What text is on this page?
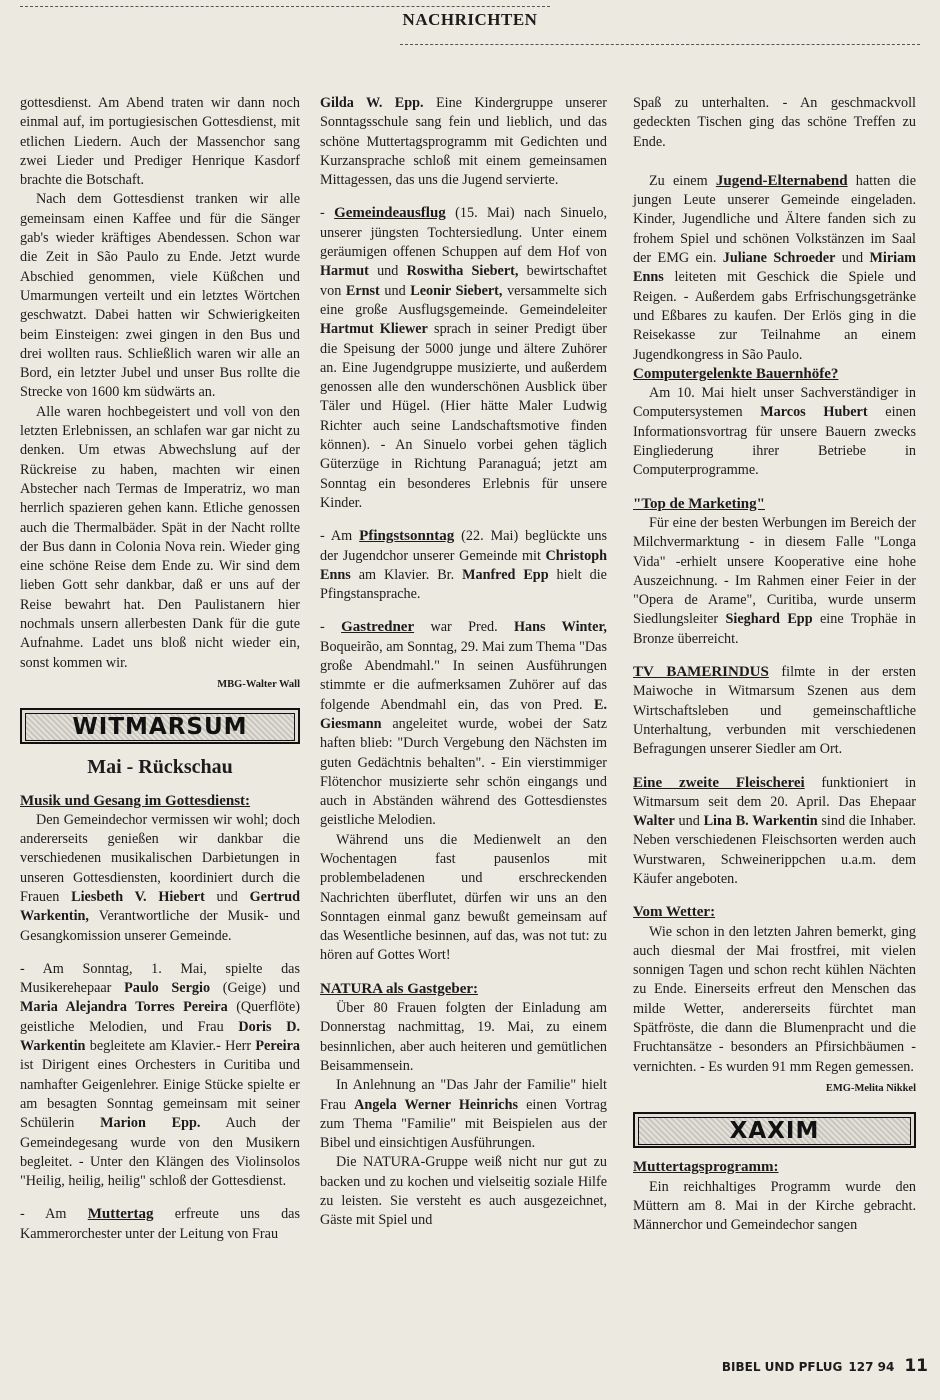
NACHRICHTEN

gottesdienst. Am Abend traten wir dann noch einmal auf, im portugiesischen Gottesdienst, mit etlichen Liedern. Auch der Massenchor sang zwei Lieder und Prediger Henrique Kasdorf brachte die Botschaft.

Nach dem Gottesdienst tranken wir alle gemeinsam einen Kaffee und für die Sänger gab's wieder kräftiges Abendessen. Schon war die Zeit in São Paulo zu Ende. Jetzt wurde Abschied genommen, viele Küßchen und Umarmungen verteilt und ein letztes Wörtchen geschwatzt. Dabei hatten wir Schwierigkeiten beim Einsteigen: zwei gingen in den Bus und drei wollten raus. Schließlich waren wir alle an Bord, ein letzter Jubel und unser Bus rollte die Strecke von 1600 km südwärts an.

Alle waren hochbegeistert und voll von den letzten Erlebnissen, an schlafen war gar nicht zu denken. Um etwas Abwechslung auf der Rückreise zu haben, machten wir einen Abstecher nach Termas de Imperatriz, wo man herrlich spazieren gehen kann. Etliche genossen auch die Thermalbäder. Spät in der Nacht rollte der Bus dann in Colonia Nova rein. Wieder ging eine schöne Reise dem Ende zu. Wir sind dem lieben Gott sehr dankbar, daß er uns auf der Reise bewahrt hat. Den Paulistanern hier nochmals unsern allerbesten Dank für die gute Aufnahme. Ladet uns bloß nicht wieder ein, sonst kommen wir.

MBG-Walter Wall
WITMARSUM
Mai - Rückschau
Musik und Gesang im Gottesdienst:

Den Gemeindechor vermissen wir wohl; doch andererseits genießen wir dankbar die verschiedenen musikalischen Darbietungen in unseren Gottesdiensten, koordiniert durch die Frauen Liesbeth V. Hiebert und Gertrud Warkentin, Verantwortliche der Musik- und Gesangkomission unserer Gemeinde.

- Am Sonntag, 1. Mai, spielte das Musikerehepaar Paulo Sergio (Geige) und Maria Alejandra Torres Pereira (Querflöte) geistliche Melodien, und Frau Doris D. Warkentin begleitete am Klavier.- Herr Pereira ist Dirigent eines Orchesters in Curitiba und namhafter Geigenlehrer. Einige Stücke spielte er am besagten Sonntag gemeinsam mit seiner Schülerin Marion Epp. Auch der Gemeindegesang wurde von den Musikern begleitet. - Unter den Klängen des Violinsolos "Heilig, heilig, heilig" schloß der Gottesdienst.

- Am Muttertag erfreute uns das Kammerorchester unter der Leitung von Frau

Gilda W. Epp. Eine Kindergruppe unserer Sonntagsschule sang fein und lieblich, und das schöne Muttertagsprogramm mit Gedichten und Kurzansprache schloß mit einem gemeinsamen Mittagessen, das uns die Jugend servierte.

- Gemeindeausflug (15. Mai) nach Sinuelo, unserer jüngsten Tochtersiedlung. Unter einem geräumigen offenen Schuppen auf dem Hof von Harmut und Roswitha Siebert, bewirtschaftet von Ernst und Leonir Siebert, versammelte sich eine große Ausflugsgemeinde. Gemeindeleiter Hartmut Kliewer sprach in seiner Predigt über die Speisung der 5000 junge und ältere Zuhörer an. Eine Jugendgruppe musizierte, und außerdem genossen alle den wunderschönen Ausblick über Täler und Hügel. (Hier hätte Maler Ludwig Richter auch seine Landschaftsmotive finden können). - An Sinuelo vorbei gehen täglich Güterzüge in Richtung Paranaguá; jetzt am Sonntag ein besonderes Erlebnis für unsere Kinder.

- Am Pfingstsonntag (22. Mai) beglückte uns der Jugendchor unserer Gemeinde mit Christoph Enns am Klavier. Br. Manfred Epp hielt die Pfingstansprache.

- Gastredner war Pred. Hans Winter, Boqueirão, am Sonntag, 29. Mai zum Thema "Das große Abendmahl." In seinen Ausführungen stimmte er die aufmerksamen Zuhörer auf das folgende Abendmahl ein, das von Pred. E. Giesmann angeleitet wurde, wobei der Satz haften blieb: "Durch Vergebung den Nächsten im guten Gedächtnis behalten". - Ein vierstimmiger Flötenchor musizierte sehr schön eingangs und auch in Abständen während des Gottesdienstes geistliche Melodien.

Während uns die Medienwelt an den Wochentagen fast pausenlos mit problembeladenen und erschreckenden Nachrichten überflutet, dürfen wir uns an den Sonntagen einmal ganz bewußt gemeinsam auf das Wesentliche besinnen, auf das, was not tut: zu hören auf Gottes Wort!

NATURA als Gastgeber:

Über 80 Frauen folgten der Einladung am Donnerstag nachmittag, 19. Mai, zu einem besinnlichen, aber auch heiteren und gemütlichen Beisammensein.

In Anlehnung an "Das Jahr der Familie" hielt Frau Angela Werner Heinrichs einen Vortrag zum Thema "Familie" mit Beispielen aus der Bibel und einsichtigen Ausführungen.

Die NATURA-Gruppe weiß nicht nur gut zu backen und zu kochen und vielseitig soziale Hilfe zu leisten. Sie versteht es auch ausgezeichnet, Gäste mit Spiel und

Spaß zu unterhalten. - An geschmackvoll gedeckten Tischen ging das schöne Treffen zu Ende.

Zu einem Jugend-Elternabend hatten die jungen Leute unserer Gemeinde eingeladen. Kinder, Jugendliche und Ältere fanden sich zu frohem Spiel und schönen Volkstänzen im Saal der EMG ein. Juliane Schroeder und Miriam Enns leiteten mit Geschick die Spiele und Reigen. - Außerdem gabs Erfrischungsgetränke und Eßbares zu kaufen. Der Erlös ging in die Reisekasse zur Teilnahme an einem Jugendkongress in São Paulo.

Computergelenkte Bauernhöfe?

Am 10. Mai hielt unser Sachverständiger in Computersystemen Marcos Hubert einen Informationsvortrag für unsere Bauern zwecks Eingliederung ihrer Betriebe in Computerprogramme.

"Top de Marketing"

Für eine der besten Werbungen im Bereich der Milchvermarktung - in diesem Falle "Longa Vida" -erhielt unsere Kooperative eine hohe Auszeichnung. - Im Rahmen einer Feier in der "Opera de Arame", Curitiba, wurde unserm Siedlungsleiter Sieghard Epp eine Trophäe in Bronze überreicht.

TV BAMERINDUS filmte in der ersten Maiwoche in Witmarsum Szenen aus dem Wirtschaftsleben und gemeinschaftliche Unterhaltung, verbunden mit verschiedenen Befragungen unserer Siedler am Ort.

Eine zweite Fleischerei funktioniert in Witmarsum seit dem 20. April. Das Ehepaar Walter und Lina B. Warkentin sind die Inhaber. Neben verschiedenen Fleischsorten werden auch Wurstwaren, Schweinerippchen u.a.m. dem Käufer angeboten.

Vom Wetter:

Wie schon in den letzten Jahren bemerkt, ging auch diesmal der Mai frostfrei, mit vielen sonnigen Tagen und schon recht kühlen Nächten zu Ende. Einerseits erfreut den Menschen das milde Wetter, andererseits fürchtet man Spätfröste, die dann die Blumenpracht und die Fruchtansätze - besonders an Pfirsichbäumen - vernichten. - Es wurden 91 mm Regen gemessen.

EMG-Melita Nikkel
XAXIM
Muttertagsprogramm:

Ein reichhaltiges Programm wurde den Müttern am 8. Mai in der Kirche gebracht. Männerchor und Gemeindechor sangen

BIBEL UND PFLUG 127 94 11
